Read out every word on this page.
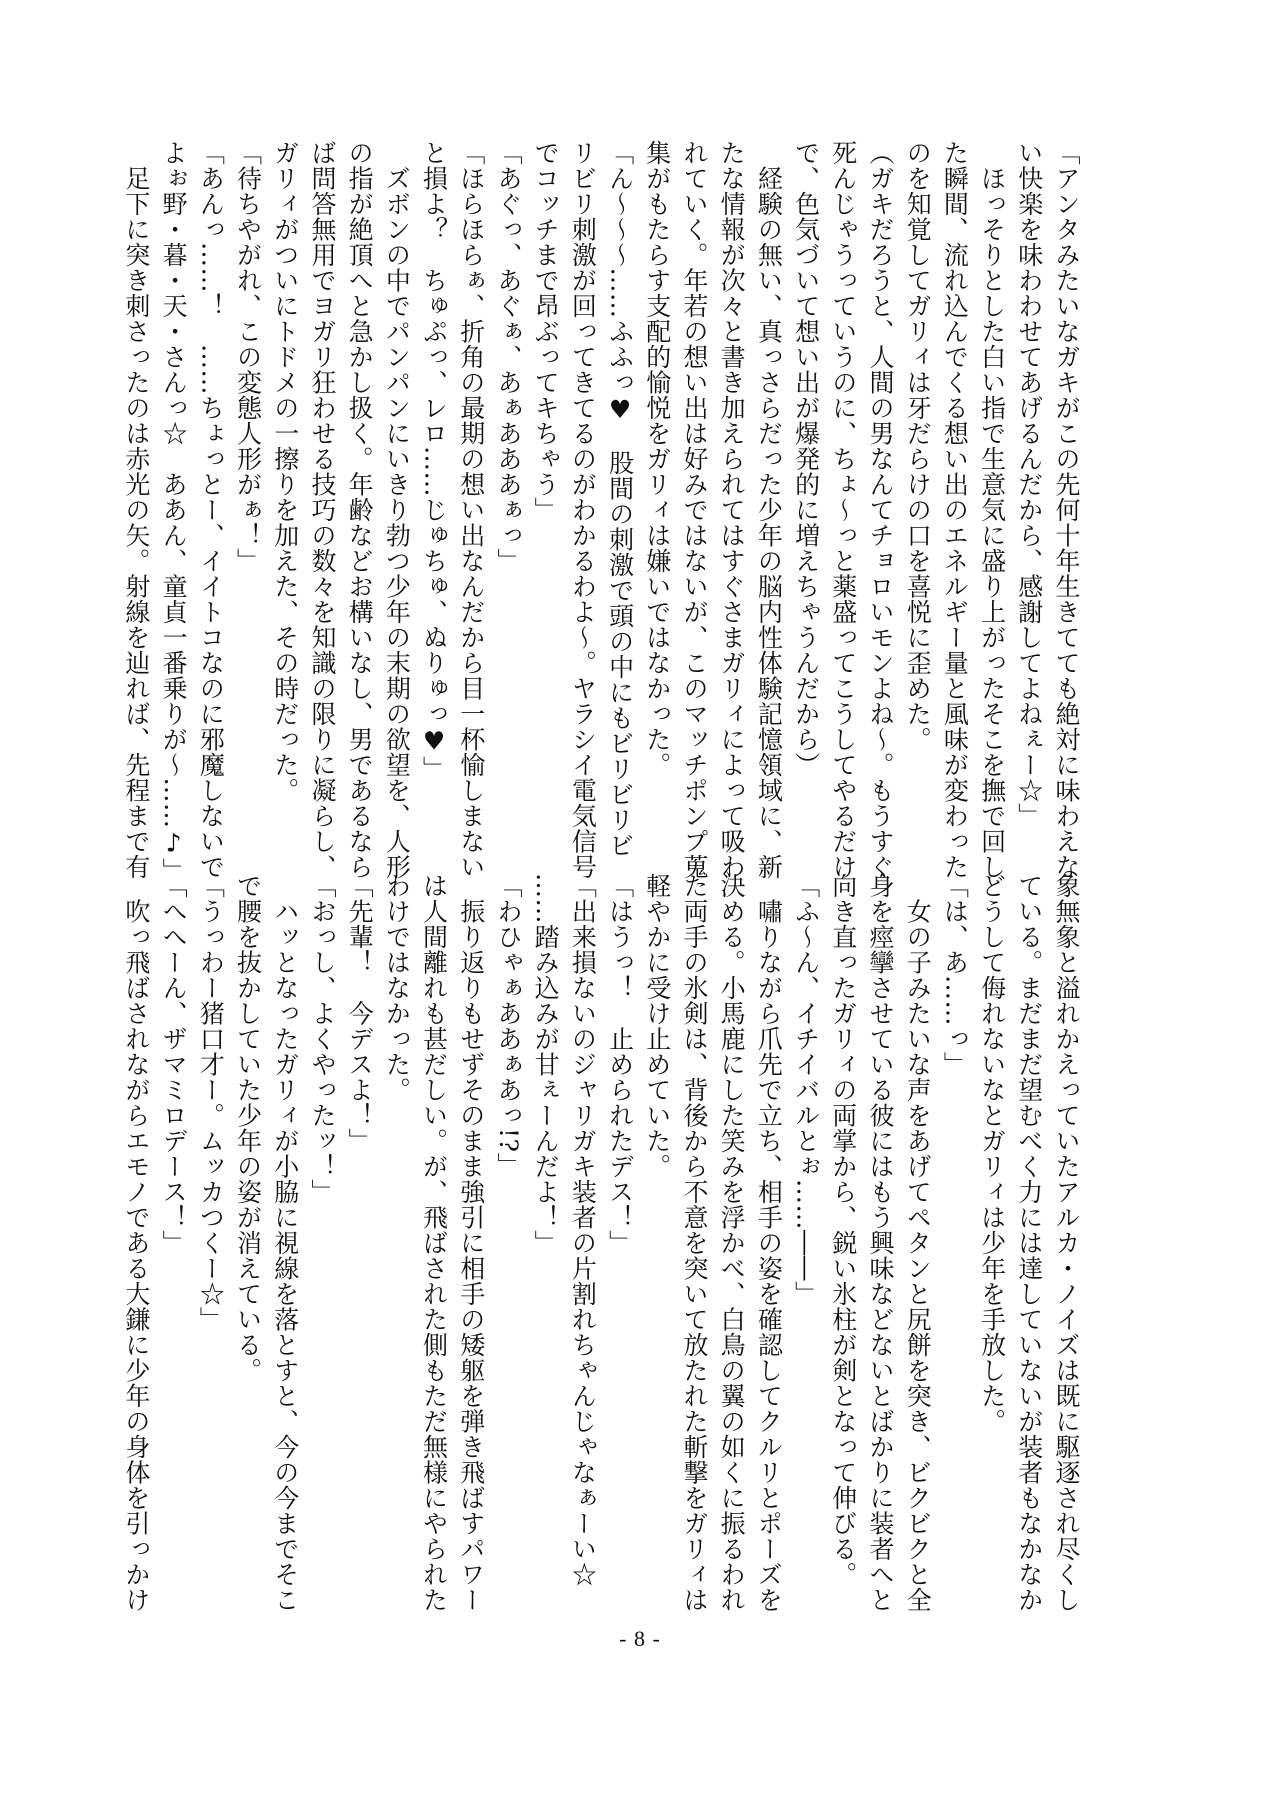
「アンタみたいなガキがこの先何十年生きてても絶対に味わえな
い快楽を味わわせてあげるんだから、感謝してよねぇー☆」
　ほっそりとした白い指で生意気に盛り上がったそこを撫で回し
た瞬間、流れ込んでくる想い出のエネルギー量と風味が変わった
のを知覚してガリィは牙だらけの口を喜悦に歪めた。
（ガキだろうと、人間の男なんてチョロいモンよね～。もうすぐ
死んじゃうっていうのに、ちょ～っと薬盛ってこうしてやるだけ
で、色気づいて想い出が爆発的に増えちゃうんだから）
　経験の無い、真っさらだった少年の脳内性体験記憶領域に、新
たな情報が次々と書き加えられてはすぐさまガリィによって吸わ
れていく。年若の想い出は好みではないが、このマッチポンプ蒐
集がもたらす支配的愉悦をガリィは嫌いではなかった。
「ん～～～……ふふっ♥　股間の刺激で頭の中にもビリビリビ
リビリ刺激が回ってきてるのがわかるわよ～。ヤラシイ電気信号
でコッチまで昂ぶってキちゃう」
「あぐっ、あぐぁ、あぁあああぁっ」
「ほらほらぁ、折角の最期の想い出なんだから目一杯愉しまない
と損よ？　ちゅぷっ、レロ……じゅちゅ、ぬりゅっ♥」
　ズボンの中でパンパンにいきり勃つ少年の末期の欲望を、人形
の指が絶頂へと急かし扱く。年齢などお構いなし、男であるなら
ば問答無用でヨガリ狂わせる技巧の数々を知識の限りに凝らし、
ガリィがついにトドメの一擦りを加えた、その時だった。
「待ちやがれ、この変態人形がぁ！」
「あんっ……！　……ちょっとー、イイトコなのに邪魔しないで
よぉ野・暮・天・さんっ☆　ああん、童貞一番乗りが～……♪」
　足下に突き刺さったのは赤光の矢。射線を辿れば、先程まで有
象無象と溢れかえっていたアルカ・ノイズは既に駆逐され尽くし
ている。まだまだ望むべく力には達していないが装者もなかなか
どうして侮れないなとガリィは少年を手放した。
「は、あ……っ」
　女の子みたいな声をあげてペタンと尻餅を突き、ビクビクと全
身を痙攣させている彼にはもう興味などないとばかりに装者へと
向き直ったガリィの両掌から、鋭い氷柱が剣となって伸びる。
「ふ～ん、イチイバルとぉ……――」
　嘯りながら爪先で立ち、相手の姿を確認してクルリとポーズを
決める。小馬鹿にした笑みを浮かべ、白鳥の翼の如くに振るわれ
た両手の氷剣は、背後から不意を突いて放たれた斬撃をガリィは
軽やかに受け止めていた。
「はうっ！　止められたデス！」
「出来損ないのジャリガキ装者の片割れちゃんじゃなぁーい☆
……踏み込みが甘ぇーんだよ！」
「わひゃぁああぁあっ!?」
　振り返りもせずそのまま強引に相手の矮躯を弾き飛ばすパワー
は人間離れも甚だしい。が、飛ばされた側もただ無様にやられた
わけではなかった。
「先輩！　今デスよ！」
「おっし、よくやったッ！」
　ハッとなったガリィが小脇に視線を落とすと、今の今までそこ
で腰を抜かしていた少年の姿が消えている。
「うっわー猪口才ー。ムッカつくー☆」
「へへーん、ザマミロデース！」
　吹っ飛ばされながらエモノである大鎌に少年の身体を引っかけ
- 8 -
